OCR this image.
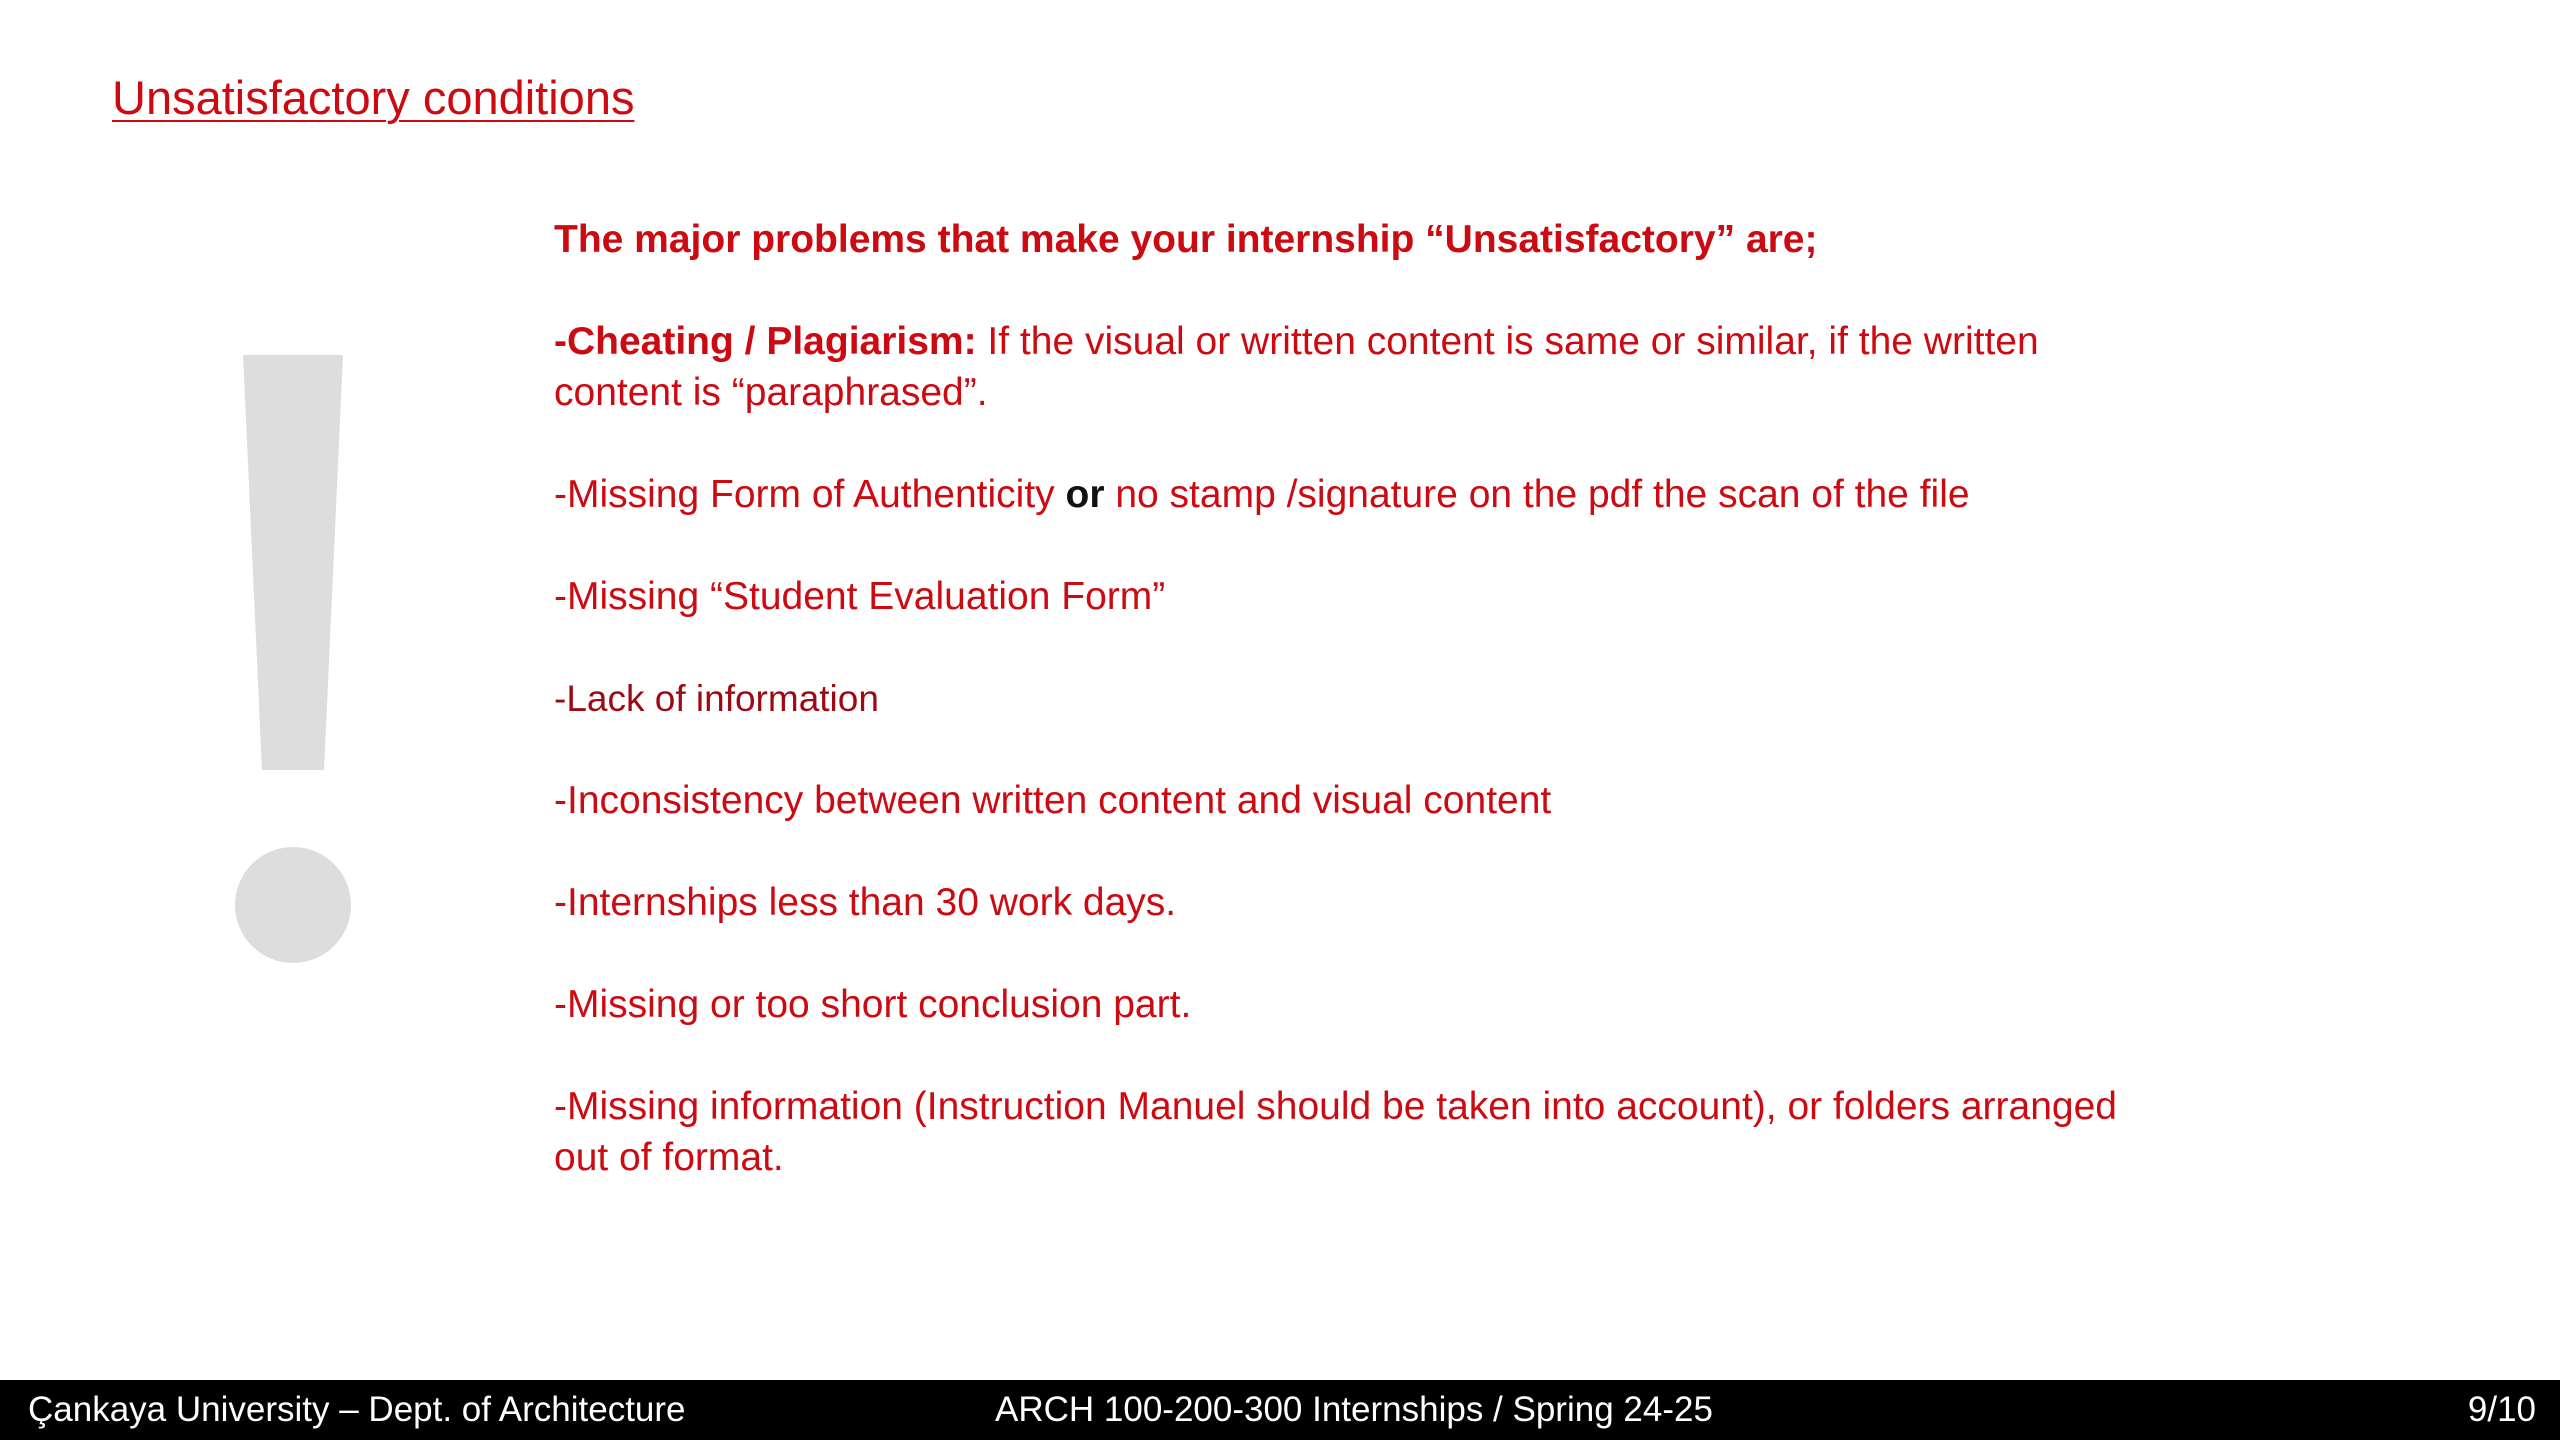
Unsatisfactory conditions

The major problems that make your internship “Unsatisfactory” are;

-Cheating / Plagiarism: If the visual or written content is same or similar, if the written content is “paraphrased”.

-Missing Form of Authenticity or no stamp /signature on the pdf the scan of the file

-Missing “Student Evaluation Form”

-Lack of information

-Inconsistency between written content and visual content

-Internships less than 30 work days.

-Missing or too short conclusion part.

-Missing information (Instruction Manuel should be taken into account), or folders arranged out of format.

Çankaya University – Dept. of Architecture	ARCH 100-200-300 Internships / Spring 24-25	9/10
